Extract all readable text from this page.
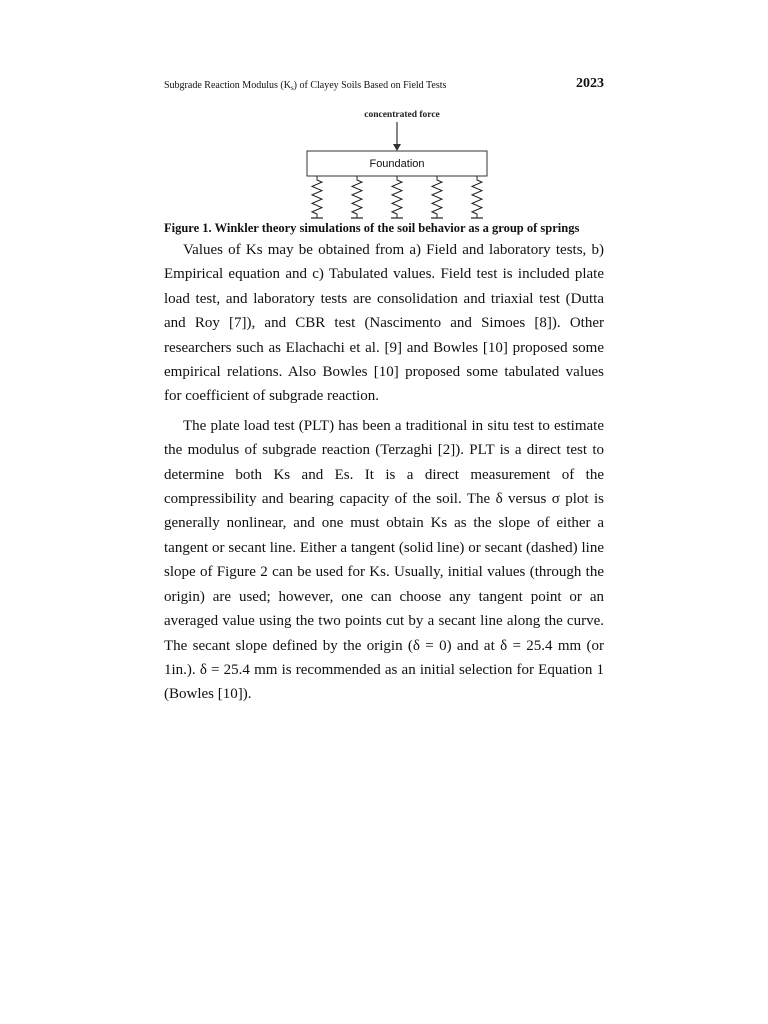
Subgrade Reaction Modulus $(K_s)$ of Clayey Soils Based on Field Tests	2023
concentrated force
Foundation
Figure 1. Winkler theory simulations of the soil behavior as a group of springs

Values of Ks may be obtained from a) Field and laboratory tests, b) Empirical equation and c) Tabulated values. Field test is included plate load test, and laboratory tests are consolidation and triaxial test (Dutta and Roy [7]), and CBR test (Nascimento and Simoes [8]). Other researchers such as Elachachi et al. [9] and Bowles [10] proposed some empirical relations. Also Bowles [10] proposed some tabulated values for coefficient of subgrade reaction.

The plate load test (PLT) has been a traditional in situ test to estimate the modulus of subgrade reaction (Terzaghi [2]). PLT is a direct test to determine both Ks and Es. It is a direct measurement of the compressibility and bearing capacity of the soil. The δ versus σ plot is generally nonlinear, and one must obtain Ks as the slope of either a tangent or secant line. Either a tangent (solid line) or secant (dashed) line slope of Figure 2 can be used for Ks. Usually, initial values (through the origin) are used; however, one can choose any tangent point or an averaged value using the two points cut by a secant line along the curve. The secant slope defined by the origin (δ = 0) and at δ = 25.4 mm (or 1in.). δ = 25.4 mm is recommended as an initial selection for Equation 1 (Bowles [10]).
